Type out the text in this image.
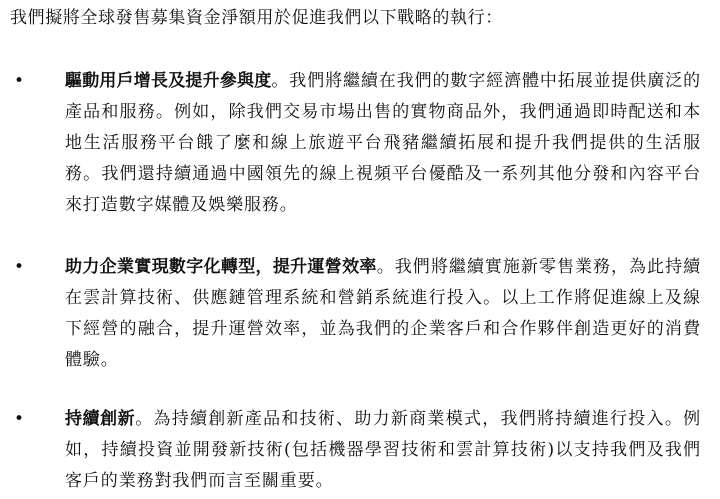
我們擬將全球發售募集資金淨額用於促進我們以下戰略的執行：

• 驅動用戶增長及提升參與度。我們將繼續在我們的數字經濟體中拓展並提供廣泛的產品和服務。例如，除我們交易市場出售的實物商品外，我們通過即時配送和本地生活服務平台餓了麼和線上旅遊平台飛豬繼續拓展和提升我們提供的生活服務。我們還持續通過中國領先的線上視頻平台優酷及一系列其他分發和內容平台來打造數字媒體及娛樂服務。

• 助力企業實現數字化轉型，提升運營效率。我們將繼續實施新零售業務，為此持續在雲計算技術、供應鏈管理系統和營銷系統進行投入。以上工作將促進線上及線下經營的融合，提升運營效率，並為我們的企業客戶和合作夥伴創造更好的消費體驗。

• 持續創新。為持續創新產品和技術、助力新商業模式，我們將持續進行投入。例如，持續投資並開發新技術(包括機器學習技術和雲計算技術)以支持我們及我們客戶的業務對我們而言至關重要。
